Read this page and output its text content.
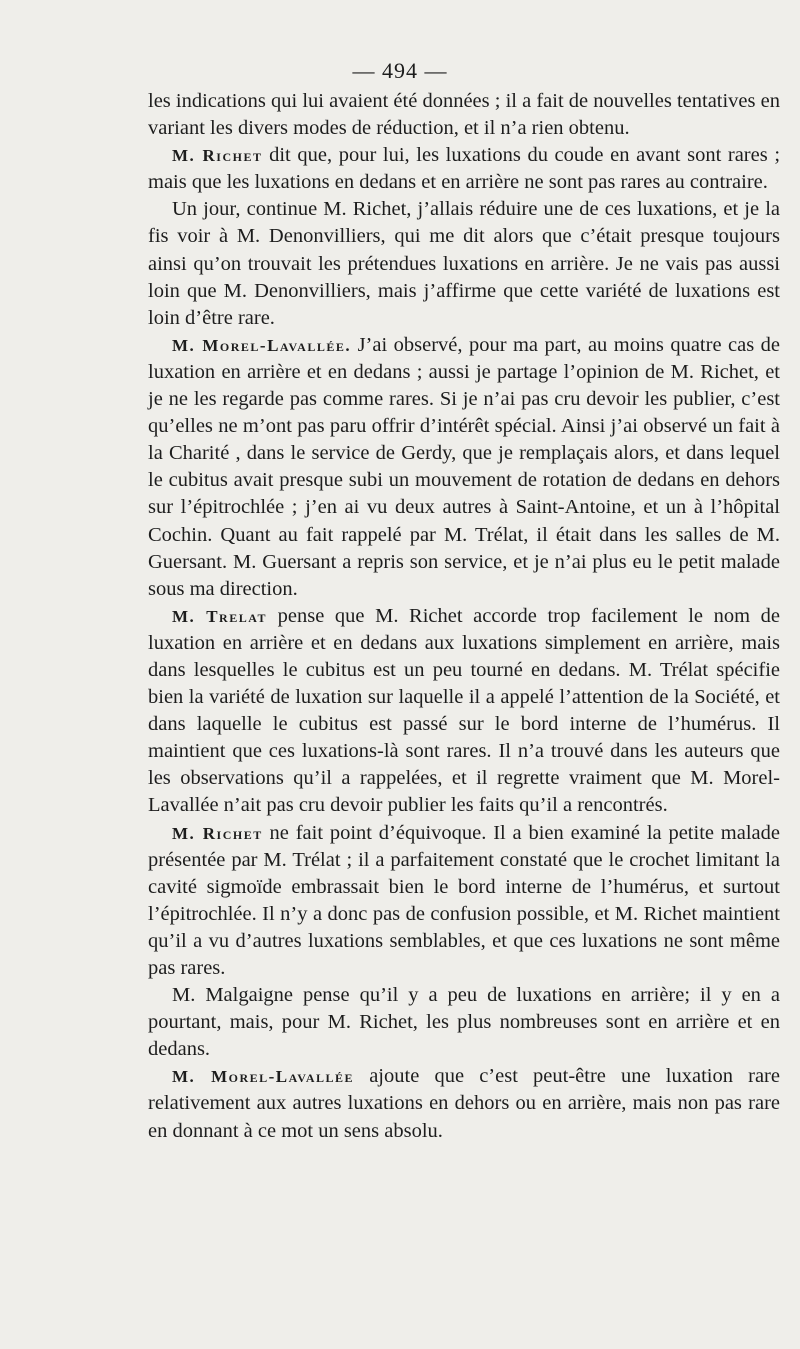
— 494 —

les indications qui lui avaient été données ; il a fait de nouvelles tentatives en variant les divers modes de réduction, et il n’a rien obtenu.

M. Richet dit que, pour lui, les luxations du coude en avant sont rares ; mais que les luxations en dedans et en arrière ne sont pas rares au contraire.

Un jour, continue M. Richet, j’allais réduire une de ces luxations, et je la fis voir à M. Denonvilliers, qui me dit alors que c’était presque toujours ainsi qu’on trouvait les prétendues luxations en arrière. Je ne vais pas aussi loin que M. Denonvilliers, mais j’affirme que cette variété de luxations est loin d’être rare.

M. Morel-Lavallée. J’ai observé, pour ma part, au moins quatre cas de luxation en arrière et en dedans ; aussi je partage l’opinion de M. Richet, et je ne les regarde pas comme rares. Si je n’ai pas cru devoir les publier, c’est qu’elles ne m’ont pas paru offrir d’intérêt spécial. Ainsi j’ai observé un fait à la Charité , dans le service de Gerdy, que je remplaçais alors, et dans lequel le cubitus avait presque subi un mouvement de rotation de dedans en dehors sur l’épitrochlée ; j’en ai vu deux autres à Saint-Antoine, et un à l’hôpital Cochin. Quant au fait rappelé par M. Trélat, il était dans les salles de M. Guersant. M. Guersant a repris son service, et je n’ai plus eu le petit malade sous ma direction.

M. Trelat pense que M. Richet accorde trop facilement le nom de luxation en arrière et en dedans aux luxations simplement en arrière, mais dans lesquelles le cubitus est un peu tourné en dedans. M. Trélat spécifie bien la variété de luxation sur laquelle il a appelé l’attention de la Société, et dans laquelle le cubitus est passé sur le bord interne de l’humérus. Il maintient que ces luxations-là sont rares. Il n’a trouvé dans les auteurs que les observations qu’il a rappelées, et il regrette vraiment que M. Morel-Lavallée n’ait pas cru devoir publier les faits qu’il a rencontrés.

M. Richet ne fait point d’équivoque. Il a bien examiné la petite malade présentée par M. Trélat ; il a parfaitement constaté que le crochet limitant la cavité sigmoïde embrassait bien le bord interne de l’humérus, et surtout l’épitrochlée. Il n’y a donc pas de confusion possible, et M. Richet maintient qu’il a vu d’autres luxations semblables, et que ces luxations ne sont même pas rares.

M. Malgaigne pense qu’il y a peu de luxations en arrière; il y en a pourtant, mais, pour M. Richet, les plus nombreuses sont en arrière et en dedans.

M. Morel-Lavallée ajoute que c’est peut-être une luxation rare relativement aux autres luxations en dehors ou en arrière, mais non pas rare en donnant à ce mot un sens absolu.
